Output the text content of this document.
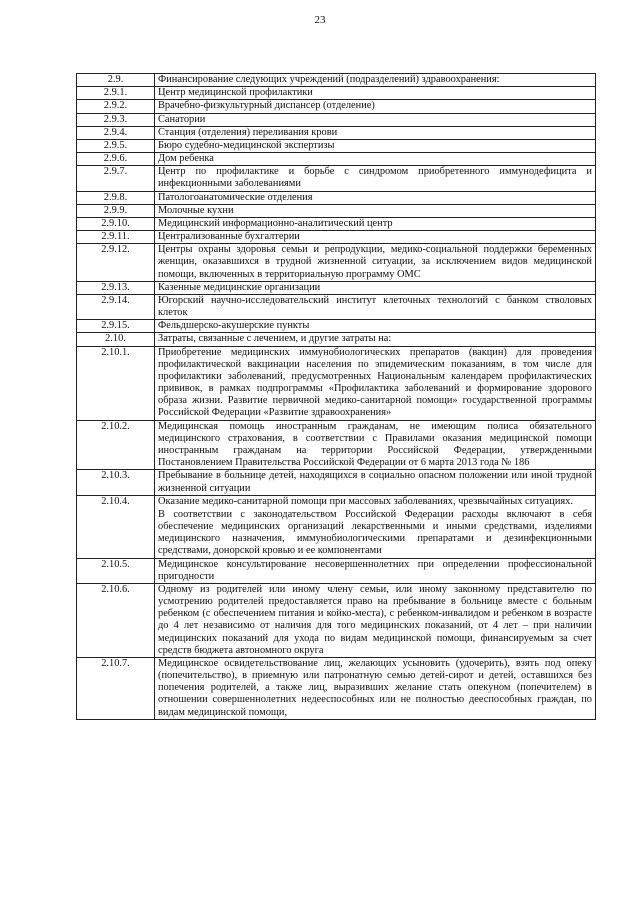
23
2.9.	Финансирование следующих учреждений (подразделений) здравоохранения:

2.9.1.	Центр медицинской профилактики

2.9.2.	Врачебно-физкультурный диспансер (отделение)

2.9.3.	Санатории

2.9.4.	Станция (отделения) переливания крови

2.9.5.	Бюро судебно-медицинской экспертизы

2.9.6.	Дом ребенка

2.9.7.	Центр по профилактике и борьбе с синдромом приобретенного иммунодефицита и инфекционными заболеваниями

2.9.8.	Патологоанатомические отделения

2.9.9.	Молочные кухни

2.9.10.	Медицинский информационно-аналитический центр

2.9.11.	Централизованные бухгалтерии

2.9.12.	Центры охраны здоровья семьи и репродукции, медико-социальной поддержки беременных женщин, оказавшихся в трудной жизненной ситуации, за исключением видов медицинской помощи, включенных в территориальную программу ОМС

2.9.13.	Казенные медицинские организации

2.9.14.	Югорский научно-исследовательский институт клеточных технологий с банком стволовых клеток

2.9.15.	Фельдшерско-акушерские пункты

2.10.	Затраты, связанные с лечением, и другие затраты на:

2.10.1.	Приобретение медицинских иммунобиологических препаратов (вакцин) для проведения профилактической вакцинации населения по эпидемическим показаниям, в том числе для профилактики заболеваний, предусмотренных Национальным календарем профилактических прививок, в рамках подпрограммы «Профилактика заболеваний и формирование здорового образа жизни. Развитие первичной медико-санитарной помощи» государственной программы Российской Федерации «Развитие здравоохранения»

2.10.2.	Медицинская помощь иностранным гражданам, не имеющим полиса обязательного медицинского страхования, в соответствии с Правилами оказания медицинской помощи иностранным гражданам на территории Российской Федерации, утвержденными Постановлением Правительства Российской Федерации от 6 марта 2013 года № 186

2.10.3.	Пребывание в больнице детей, находящихся в социально опасном положении или иной трудной жизненной ситуации

2.10.4.	Оказание медико-санитарной помощи при массовых заболеваниях, чрезвычайных ситуациях.

В соответствии с законодательством Российской Федерации расходы включают в себя обеспечение медицинских организаций лекарственными и иными средствами, изделиями медицинского назначения, иммунобиологическими препаратами и дезинфекционными средствами, донорской кровью и ее компонентами

2.10.5.	Медицинское консультирование несовершеннолетних при определении профессиональной пригодности

2.10.6.	Одному из родителей или иному члену семьи, или иному законному представителю по усмотрению родителей предоставляется право на пребывание в больнице вместе с больным ребенком (с обеспечением питания и койко-места), с ребенком-инвалидом и ребенком в возрасте до 4 лет независимо от наличия для того медицинских показаний, от 4 лет – при наличии медицинских показаний для ухода по видам медицинской помощи, финансируемым за счет средств бюджета автономного округа

2.10.7.	Медицинское освидетельствование лиц, желающих усыновить (удочерить), взять под опеку (попечительство), в приемную или патронатную семью детей-сирот и детей, оставшихся без попечения родителей, а также лиц, выразивших желание стать опекуном (попечителем) в отношении совершеннолетних недееспособных или не полностью дееспособных граждан, по видам медицинской помощи,
